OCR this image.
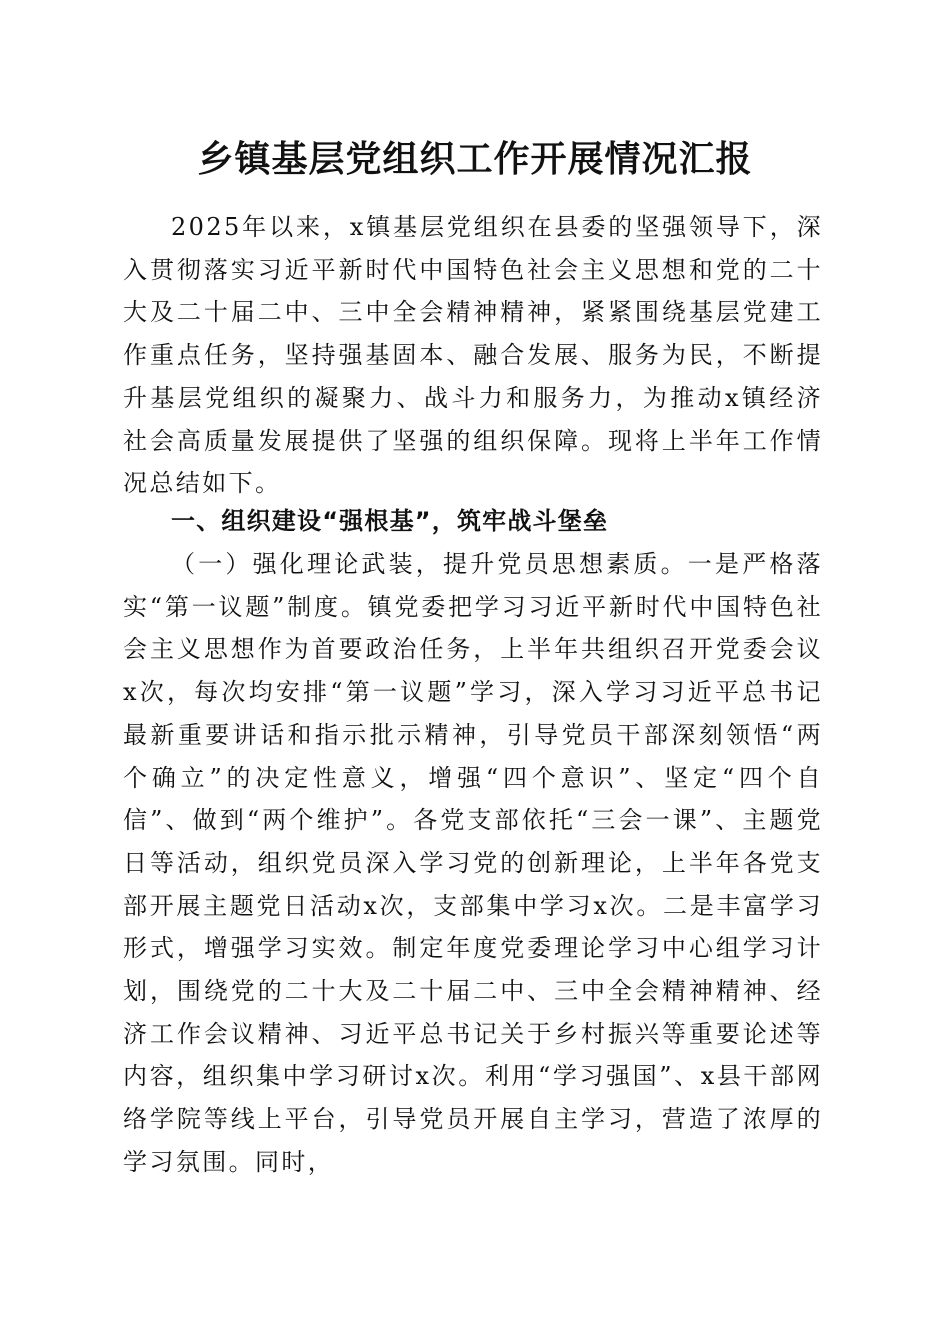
乡镇基层党组织工作开展情况汇报
2025年以来，x镇基层党组织在县委的坚强领导下，深入贯彻落实习近平新时代中国特色社会主义思想和党的二十大及二十届二中、三中全会精神精神，紧紧围绕基层党建工作重点任务，坚持强基固本、融合发展、服务为民，不断提升基层党组织的凝聚力、战斗力和服务力，为推动x镇经济社会高质量发展提供了坚强的组织保障。现将上半年工作情况总结如下。
一、组织建设“强根基”，筑牢战斗堡垒
（一）强化理论武装，提升党员思想素质。一是严格落实“第一议题”制度。镇党委把学习习近平新时代中国特色社会主义思想作为首要政治任务，上半年共组织召开党委会议x次，每次均安排“第一议题”学习，深入学习习近平总书记最新重要讲话和指示批示精神，引导党员干部深刻领悟“两个确立”的决定性意义，增强“四个意识”、坚定“四个自信”、做到“两个维护”。各党支部依托“三会一课”、主题党日等活动，组织党员深入学习党的创新理论，上半年各党支部开展主题党日活动x次，支部集中学习x次。二是丰富学习形式，增强学习实效。制定年度党委理论学习中心组学习计划，围绕党的二十大及二十届二中、三中全会精神精神、经济工作会议精神、习近平总书记关于乡村振兴等重要论述等内容，组织集中学习研讨x次。利用“学习强国”、x县干部网络学院等线上平台，引导党员开展自主学习，营造了浓厚的学习氛围。同时，
